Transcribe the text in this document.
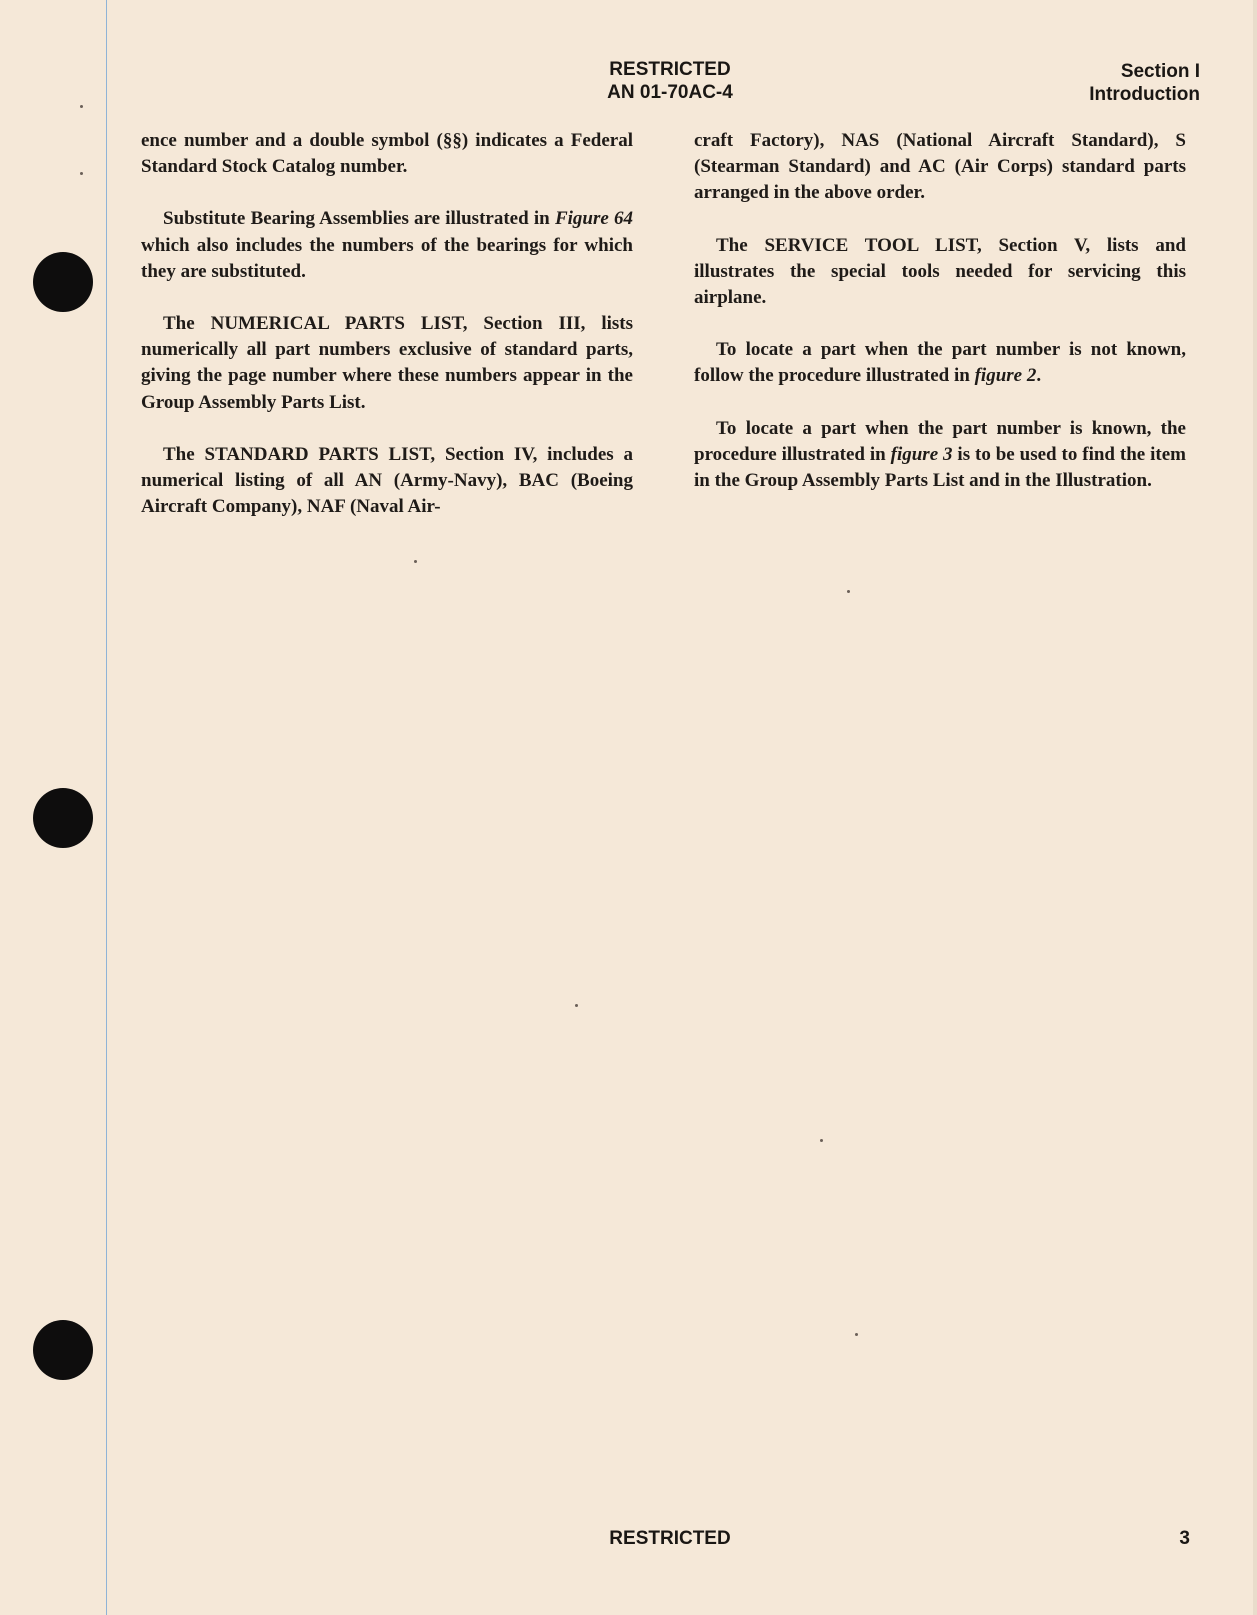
RESTRICTED
AN 01-70AC-4
Section I
Introduction

ence number and a double symbol (§§) indicates a Federal Standard Stock Catalog number.

Substitute Bearing Assemblies are illustrated in Figure 64 which also includes the numbers of the bearings for which they are substituted.

The NUMERICAL PARTS LIST, Section III, lists numerically all part numbers exclusive of standard parts, giving the page number where these numbers appear in the Group Assembly Parts List.

The STANDARD PARTS LIST, Section IV, includes a numerical listing of all AN (Army-Navy), BAC (Boeing Aircraft Company), NAF (Naval Air-

craft Factory), NAS (National Aircraft Standard), S (Stearman Standard) and AC (Air Corps) standard parts arranged in the above order.

The SERVICE TOOL LIST, Section V, lists and illustrates the special tools needed for servicing this airplane.

To locate a part when the part number is not known, follow the procedure illustrated in figure 2.

To locate a part when the part number is known, the procedure illustrated in figure 3 is to be used to find the item in the Group Assembly Parts List and in the Illustration.

RESTRICTED	3
